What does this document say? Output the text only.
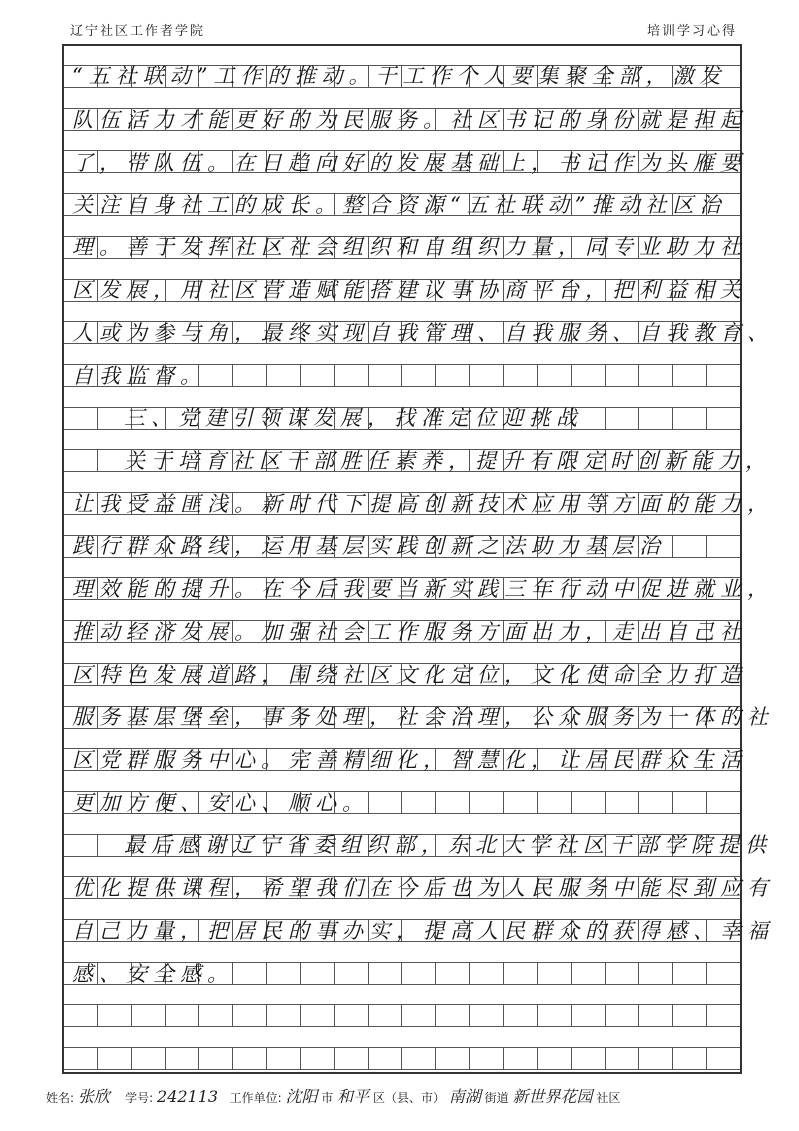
辽宁社区工作者学院	培训学习心得
“五社联动”工作的推动。干工作个人要集聚全部，激发
队伍活力才能更好的为民服务。社区书记的身份就是担起
了，带队伍。在日趋向好的发展基础上，书记作为头雁要
关注自身社工的成长。整合资源“五社联动”推动社区治
理。善于发挥社区社会组织和自组织力量，同专业助力社
区发展，用社区营造赋能搭建议事协商平台，把利益相关
人或为参与角，最终实现自我管理、自我服务、自我教育、
自我监督。
三、党建引领谋发展，找准定位迎挑战
关于培育社区干部胜任素养，提升有限定时创新能力，
让我受益匪浅。新时代下提高创新技术应用等方面的能力，
践行群众路线，运用基层实践创新之法助力基层治
理效能的提升。在今后我要当新实践三年行动中促进就业，
推动经济发展。加强社会工作服务方面出力，走出自己社
区特色发展道路，围绕社区文化定位，文化使命全力打造
服务基层堡垒，事务处理，社会治理，公众服务为一体的社
区党群服务中心。完善精细化，智慧化，让居民群众生活
更加方便、安心、顺心。
最后感谢辽宁省委组织部，东北大学社区干部学院提供
优化提供课程，希望我们在今后也为人民服务中能尽到应有
自己力量，把居民的事办实，提高人民群众的获得感、幸福
感、安全感。
姓名: 张欣 学号: 242113 工作单位: 沈阳 市 和平 区（县、市） 南湖 街道 新世界花园 社区
